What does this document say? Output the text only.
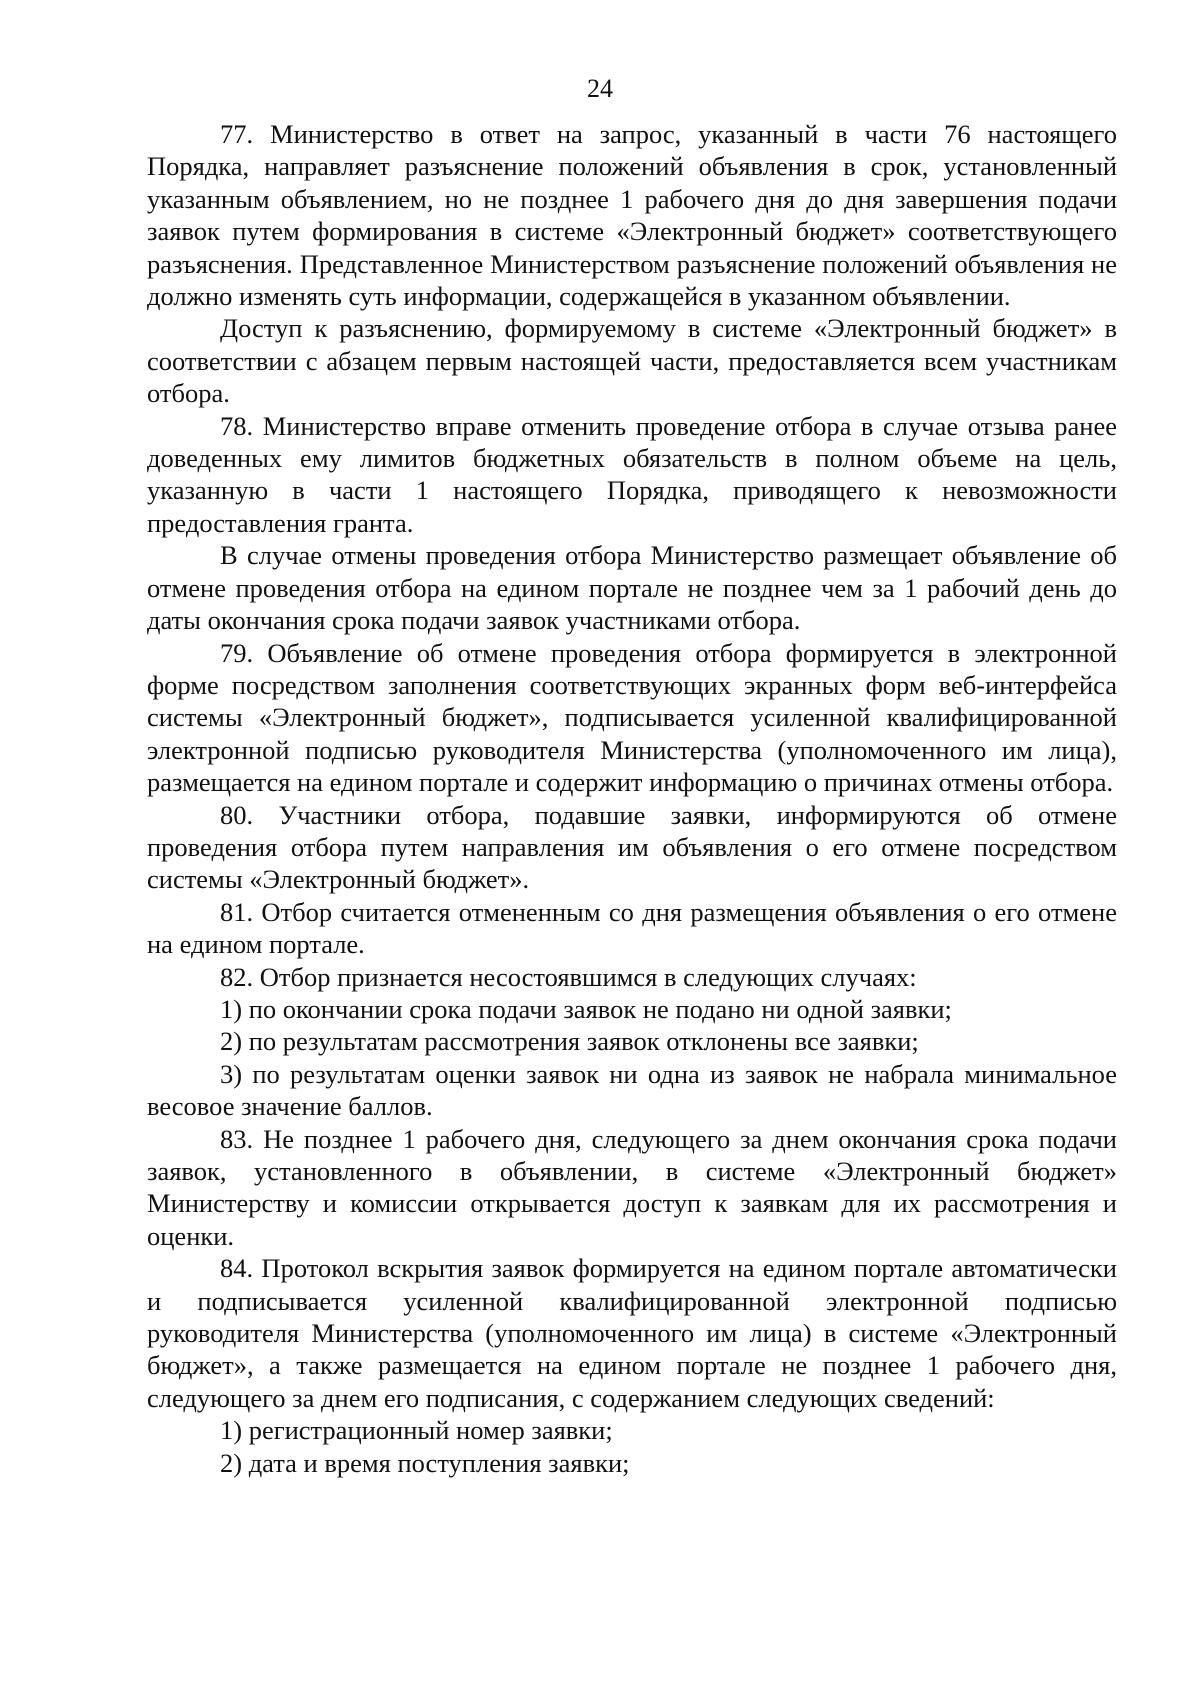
24

77. Министерство в ответ на запрос, указанный в части 76 настоящего Порядка, направляет разъяснение положений объявления в срок, установленный указанным объявлением, но не позднее 1 рабочего дня до дня завершения подачи заявок путем формирования в системе «Электронный бюджет» соответствующего разъяснения. Представленное Министерством разъяснение положений объявления не должно изменять суть информации, содержащейся в указанном объявлении.

Доступ к разъяснению, формируемому в системе «Электронный бюджет» в соответствии с абзацем первым настоящей части, предоставляется всем участникам отбора.

78. Министерство вправе отменить проведение отбора в случае отзыва ранее доведенных ему лимитов бюджетных обязательств в полном объеме на цель, указанную в части 1 настоящего Порядка, приводящего к невозможности предоставления гранта.

В случае отмены проведения отбора Министерство размещает объявление об отмене проведения отбора на едином портале не позднее чем за 1 рабочий день до даты окончания срока подачи заявок участниками отбора.

79. Объявление об отмене проведения отбора формируется в электронной форме посредством заполнения соответствующих экранных форм веб-интерфейса системы «Электронный бюджет», подписывается усиленной квалифицированной электронной подписью руководителя Министерства (уполномоченного им лица), размещается на едином портале и содержит информацию о причинах отмены отбора.

80. Участники отбора, подавшие заявки, информируются об отмене проведения отбора путем направления им объявления о его отмене посредством системы «Электронный бюджет».

81. Отбор считается отмененным со дня размещения объявления о его отмене на едином портале.

82. Отбор признается несостоявшимся в следующих случаях:

1) по окончании срока подачи заявок не подано ни одной заявки;

2) по результатам рассмотрения заявок отклонены все заявки;

3) по результатам оценки заявок ни одна из заявок не набрала минимальное весовое значение баллов.

83. Не позднее 1 рабочего дня, следующего за днем окончания срока подачи заявок, установленного в объявлении, в системе «Электронный бюджет» Министерству и комиссии открывается доступ к заявкам для их рассмотрения и оценки.

84. Протокол вскрытия заявок формируется на едином портале автоматически и подписывается усиленной квалифицированной электронной подписью руководителя Министерства (уполномоченного им лица) в системе «Электронный бюджет», а также размещается на едином портале не позднее 1 рабочего дня, следующего за днем его подписания, с содержанием следующих сведений:

1) регистрационный номер заявки;

2) дата и время поступления заявки;
